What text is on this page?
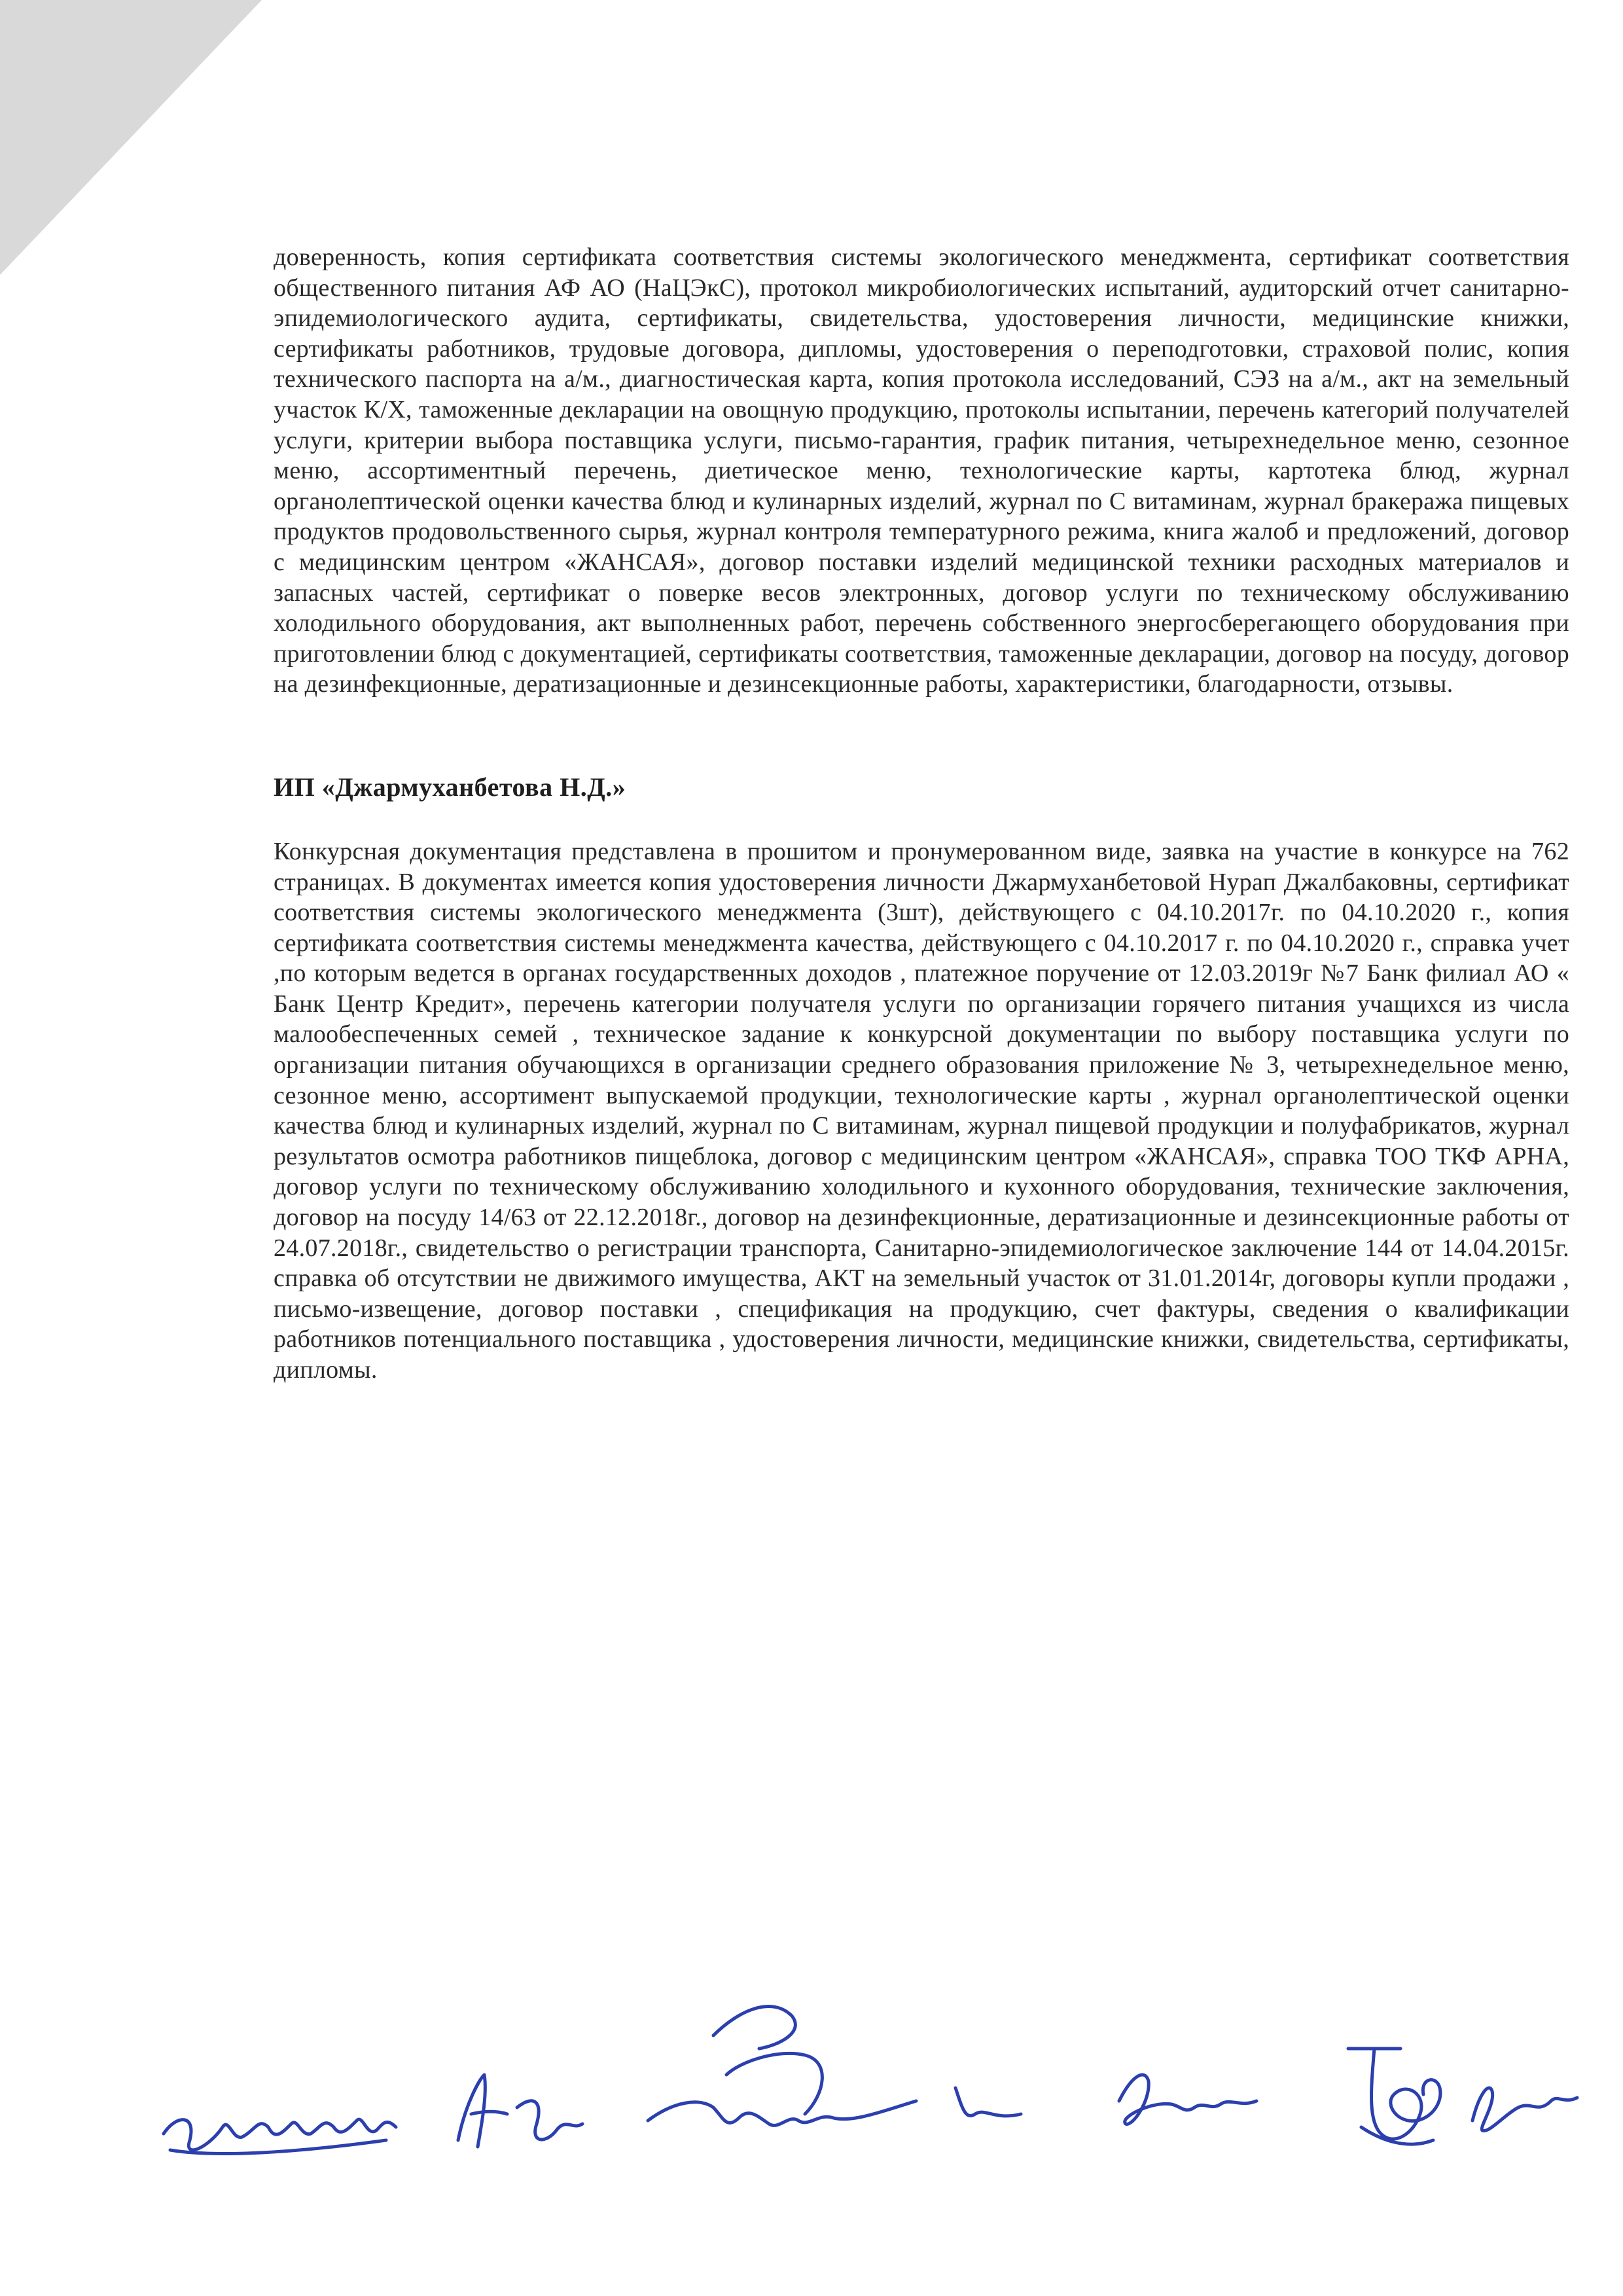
доверенность, копия сертификата соответствия системы экологического менеджмента, сертификат соответствия общественного питания АФ АО (НаЦЭкС), протокол микробиологических испытаний, аудиторский отчет санитарно-эпидемиологического аудита, сертификаты, свидетельства, удостоверения личности, медицинские книжки, сертификаты работников, трудовые договора, дипломы, удостоверения о переподготовки, страховой полис, копия технического паспорта на а/м., диагностическая карта, копия протокола исследований, СЭЗ на а/м., акт на земельный участок К/Х, таможенные декларации на овощную продукцию, протоколы испытании, перечень категорий получателей услуги, критерии выбора поставщика услуги, письмо-гарантия, график питания, четырехнедельное меню, сезонное меню, ассортиментный перечень, диетическое меню, технологические карты, картотека блюд, журнал органолептической оценки качества блюд и кулинарных изделий, журнал по С витаминам, журнал бракеража пищевых продуктов продовольственного сырья, журнал контроля температурного режима, книга жалоб и предложений, договор с медицинским центром «ЖАНСАЯ», договор поставки изделий медицинской техники расходных материалов и запасных частей, сертификат о поверке весов электронных, договор услуги по техническому обслуживанию холодильного оборудования, акт выполненных работ, перечень собственного энергосберегающего оборудования при приготовлении блюд с документацией, сертификаты соответствия, таможенные декларации, договор на посуду, договор на дезинфекционные, дератизационные и дезинсекционные работы, характеристики, благодарности, отзывы.

ИП «Джармуханбетова Н.Д.»

Конкурсная документация представлена в прошитом и пронумерованном виде, заявка на участие в конкурсе на 762 страницах. В документах имеется копия удостоверения личности Джармуханбетовой Нурап Джалбаковны, сертификат соответствия системы экологического менеджмента (3шт), действующего с 04.10.2017г. по 04.10.2020 г., копия сертификата соответствия системы менеджмента качества, действующего с 04.10.2017 г. по 04.10.2020 г., справка учет ,по которым ведется в органах государственных доходов , платежное поручение от 12.03.2019г №7 Банк филиал АО « Банк Центр Кредит», перечень категории получателя услуги по организации горячего питания учащихся из числа малообеспеченных семей , техническое задание к конкурсной документации по выбору поставщика услуги по организации питания обучающихся в организации среднего образования приложение № 3, четырехнедельное меню, сезонное меню, ассортимент выпускаемой продукции, технологические карты , журнал органолептической оценки качества блюд и кулинарных изделий, журнал по С витаминам, журнал пищевой продукции и полуфабрикатов, журнал результатов осмотра работников пищеблока, договор с медицинским центром «ЖАНСАЯ», справка ТОО ТКФ АРНА, договор услуги по техническому обслуживанию холодильного и кухонного оборудования, технические заключения, договор на посуду 14/63 от 22.12.2018г., договор на дезинфекционные, дератизационные и дезинсекционные работы от 24.07.2018г., свидетельство о регистрации транспорта, Санитарно-эпидемиологическое заключение 144 от 14.04.2015г. справка об отсутствии не движимого имущества, АКТ на земельный участок от 31.01.2014г, договоры купли продажи , письмо-извещение, договор поставки , спецификация на продукцию, счет фактуры, сведения о квалификации работников потенциального поставщика , удостоверения личности, медицинские книжки, свидетельства, сертификаты, дипломы.
